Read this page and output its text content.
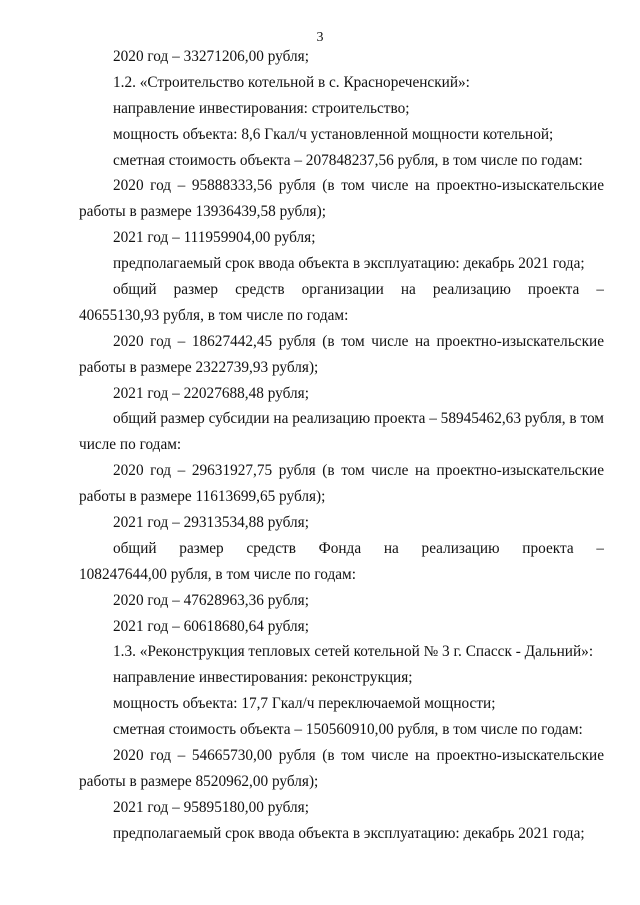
3
2020 год – 33271206,00 рубля;
1.2. «Строительство котельной в с. Краснореченский»:
направление инвестирования: строительство;
мощность объекта: 8,6 Гкал/ч установленной мощности котельной;
сметная стоимость объекта – 207848237,56 рубля, в том числе по годам:
2020 год – 95888333,56 рубля (в том числе на проектно-изыскательские
работы в размере 13936439,58 рубля);
2021 год – 111959904,00 рубля;
предполагаемый срок ввода объекта в эксплуатацию: декабрь 2021 года;
общий размер средств организации на реализацию проекта –
40655130,93 рубля, в том числе по годам:
2020 год – 18627442,45 рубля (в том числе на проектно-изыскательские
работы в размере 2322739,93 рубля);
2021 год – 22027688,48 рубля;
общий размер субсидии на реализацию проекта – 58945462,63 рубля, в том
числе по годам:
2020 год – 29631927,75 рубля (в том числе на проектно-изыскательские
работы в размере 11613699,65 рубля);
2021 год – 29313534,88 рубля;
общий размер средств Фонда на реализацию проекта –
108247644,00 рубля, в том числе по годам:
2020 год – 47628963,36 рубля;
2021 год – 60618680,64 рубля;
1.3. «Реконструкция тепловых сетей котельной № 3 г. Спасск - Дальний»:
направление инвестирования: реконструкция;
мощность объекта: 17,7 Гкал/ч переключаемой мощности;
сметная стоимость объекта – 150560910,00 рубля, в том числе по годам:
2020 год – 54665730,00 рубля (в том числе на проектно-изыскательские
работы в размере 8520962,00 рубля);
2021 год – 95895180,00 рубля;
предполагаемый срок ввода объекта в эксплуатацию: декабрь 2021 года;
